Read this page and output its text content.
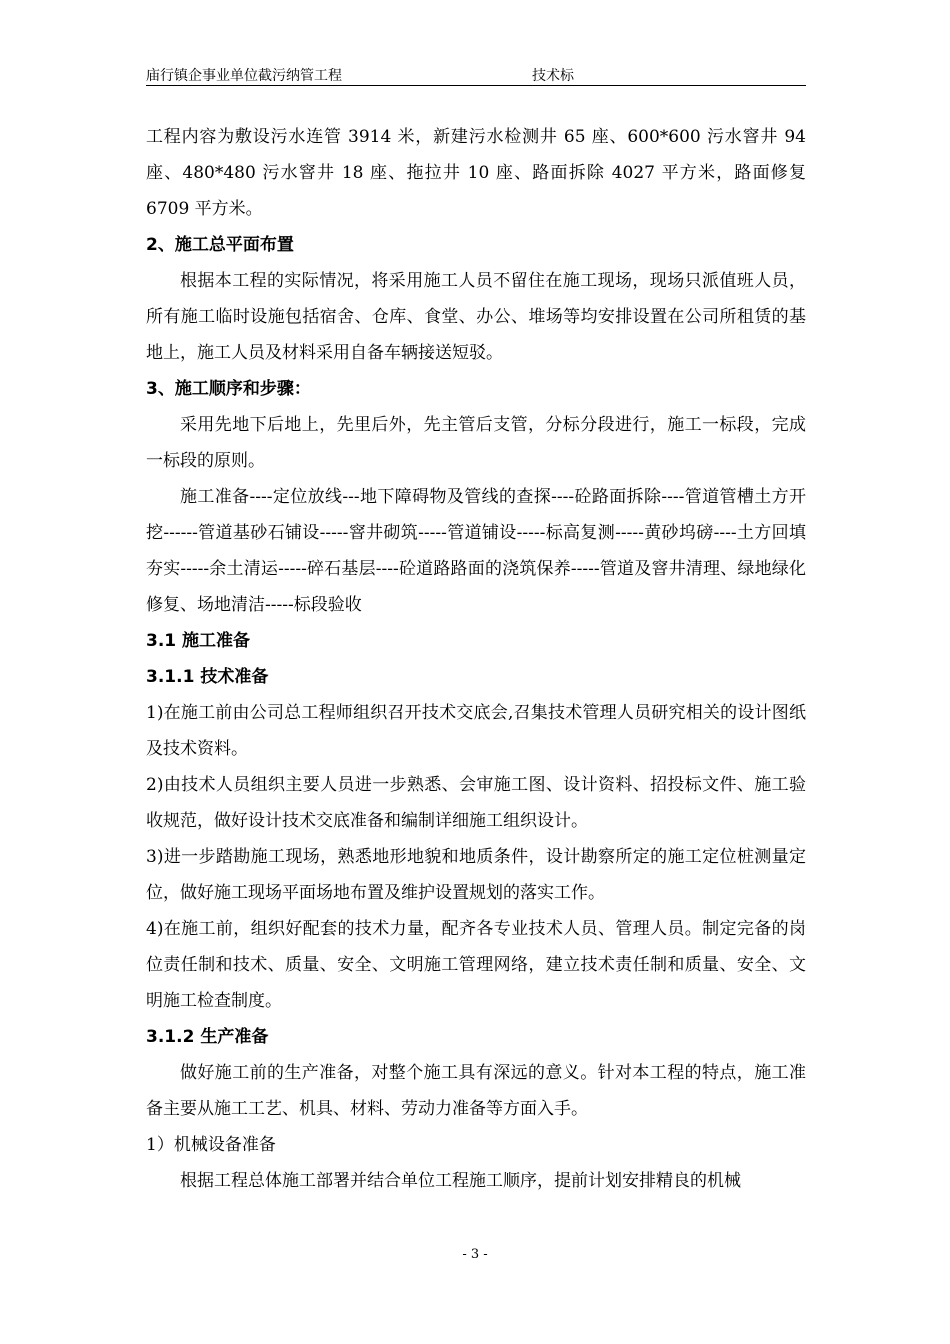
庙行镇企事业单位截污纳管工程	技术标

工程内容为敷设污水连管 3914 米，新建污水检测井 65 座、600*600 污水窨井 94 座、480*480 污水窨井 18 座、拖拉井 10 座、路面拆除 4027 平方米，路面修复 6709 平方米。

2、施工总平面布置

根据本工程的实际情况，将采用施工人员不留住在施工现场，现场只派值班人员，所有施工临时设施包括宿舍、仓库、食堂、办公、堆场等均安排设置在公司所租赁的基地上，施工人员及材料采用自备车辆接送短驳。

3、施工顺序和步骤：

采用先地下后地上，先里后外，先主管后支管，分标分段进行，施工一标段，完成一标段的原则。

施工准备----定位放线---地下障碍物及管线的查探----砼路面拆除----管道管槽土方开挖------管道基砂石铺设-----窨井砌筑-----管道铺设-----标高复测-----黄砂坞磅----土方回填夯实-----余土清运-----碎石基层----砼道路路面的浇筑保养-----管道及窨井清理、绿地绿化修复、场地清洁-----标段验收

3.1 施工准备

3.1.1 技术准备

1)在施工前由公司总工程师组织召开技术交底会,召集技术管理人员研究相关的设计图纸及技术资料。

2)由技术人员组织主要人员进一步熟悉、会审施工图、设计资料、招投标文件、施工验收规范，做好设计技术交底准备和编制详细施工组织设计。

3)进一步踏勘施工现场，熟悉地形地貌和地质条件，设计勘察所定的施工定位桩测量定位，做好施工现场平面场地布置及维护设置规划的落实工作。

4)在施工前，组织好配套的技术力量，配齐各专业技术人员、管理人员。制定完备的岗位责任制和技术、质量、安全、文明施工管理网络，建立技术责任制和质量、安全、文明施工检查制度。

3.1.2 生产准备

做好施工前的生产准备，对整个施工具有深远的意义。针对本工程的特点，施工准备主要从施工工艺、机具、材料、劳动力准备等方面入手。

1）机械设备准备

根据工程总体施工部署并结合单位工程施工顺序，提前计划安排精良的机械

- 3 -
